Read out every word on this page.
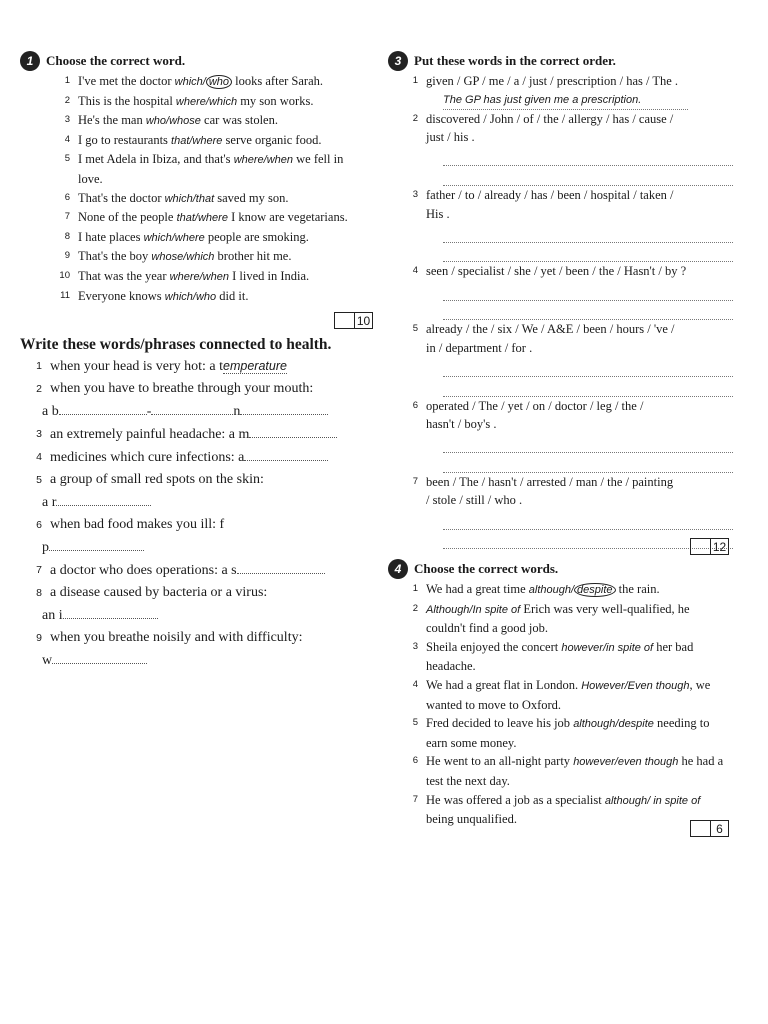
1 Choose the correct word.
1 I've met the doctor which/ who looks after Sarah.
2 This is the hospital where/which my son works.
3 He's the man who/whose car was stolen.
4 I go to restaurants that/where serve organic food.
5 I met Adela in Ibiza, and that's where/when we fell in love.
6 That's the doctor which/that saved my son.
7 None of the people that/where I know are vegetarians.
8 I hate places which/where people are smoking.
9 That's the boy whose/which brother hit me.
10 That was the year where/when I lived in India.
11 Everyone knows which/who did it.
10
Write these words/phrases connected to health.
1 when your head is very hot: a temperature
2 when you have to breathe through your mouth:
a b	-	n
3 an extremely painful headache: a m
4 medicines which cure infections: a
5 a group of small red spots on the skin:
a r
6 when bad food makes you ill: f
p
7 a doctor who does operations: a s
8 a disease caused by bacteria or a virus:
an i
9 when you breathe noisily and with difficulty:
w
3 Put these words in the correct order.
1 given / GP / me / a / just / prescription / has / The .
The GP has just given me a prescription.
2 discovered / John / of / the / allergy / has / cause /
just / his .
3 father / to / already / has / been / hospital / taken /
His .
4 seen / specialist / she / yet / been / the / Hasn't / by ?
5 already / the / six / We / A&E / been / hours / 've /
in / department / for .
6 operated / The / yet / on / doctor / leg / the /
hasn't / boy's .
7 been / The / hasn't / arrested / man / the / painting
/ stole / still / who .
12
4 Choose the correct words.
1 We had a great time although/ despite the rain.
2 Although/In spite of Erich was very well-qualified, he couldn't find a good job.
3 Sheila enjoyed the concert however/in spite of her bad headache.
4 We had a great flat in London. However/Even though, we wanted to move to Oxford.
5 Fred decided to leave his job although/despite needing to earn some money.
6 He went to an all-night party however/even though he had a test the next day.
7 He was offered a job as a specialist although/ in spite of being unqualified.
6
